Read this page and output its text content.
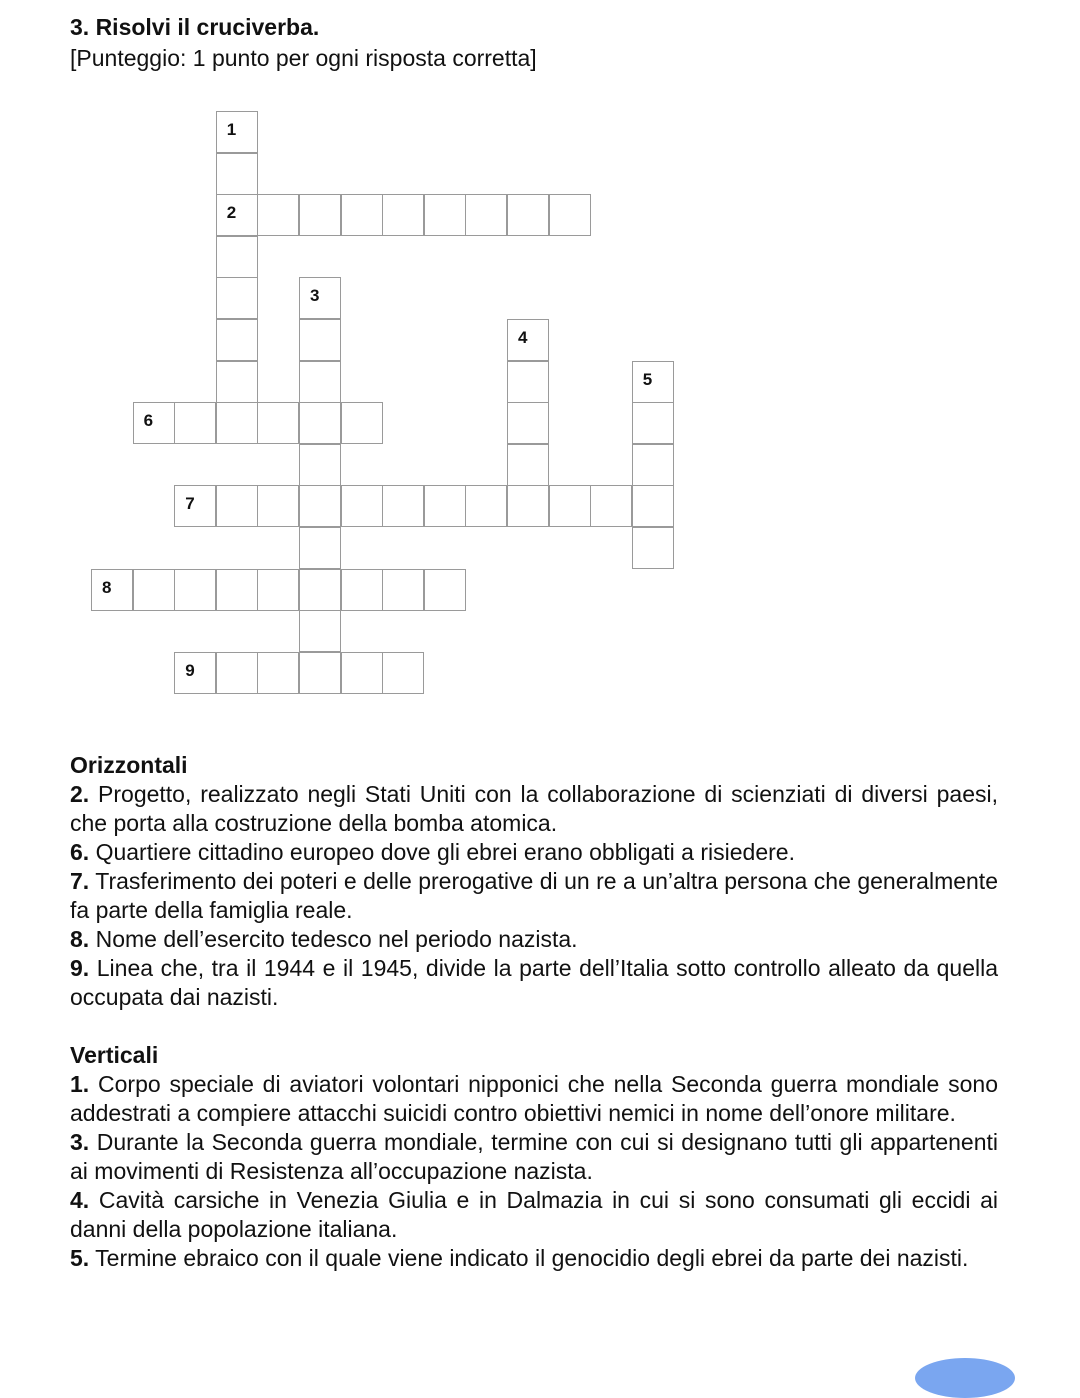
3. Risolvi il cruciverba.
[Punteggio: 1 punto per ogni risposta corretta]
1
2
3
4
5
6
7
8
9
Orizzontali

2. Progetto, realizzato negli Stati Uniti con la collaborazione di scienziati di diversi paesi, che porta alla costruzione della bomba atomica.

6. Quartiere cittadino europeo dove gli ebrei erano obbligati a risiedere.

7. Trasferimento dei poteri e delle prerogative di un re a un’altra persona che generalmente fa parte della famiglia reale.

8. Nome dell’esercito tedesco nel periodo nazista.

9. Linea che, tra il 1944 e il 1945, divide la parte dell’Italia sotto controllo alleato da quella occupata dai nazisti.

Verticali

1. Corpo speciale di aviatori volontari nipponici che nella Seconda guerra mondiale sono addestrati a compiere attacchi suicidi contro obiettivi nemici in nome dell’onore militare.

3. Durante la Seconda guerra mondiale, termine con cui si designano tutti gli appartenenti ai movimenti di Resistenza all’occupazione nazista.

4. Cavità carsiche in Venezia Giulia e in Dalmazia in cui si sono consumati gli eccidi ai danni della popolazione italiana.

5. Termine ebraico con il quale viene indicato il genocidio degli ebrei da parte dei nazisti.
